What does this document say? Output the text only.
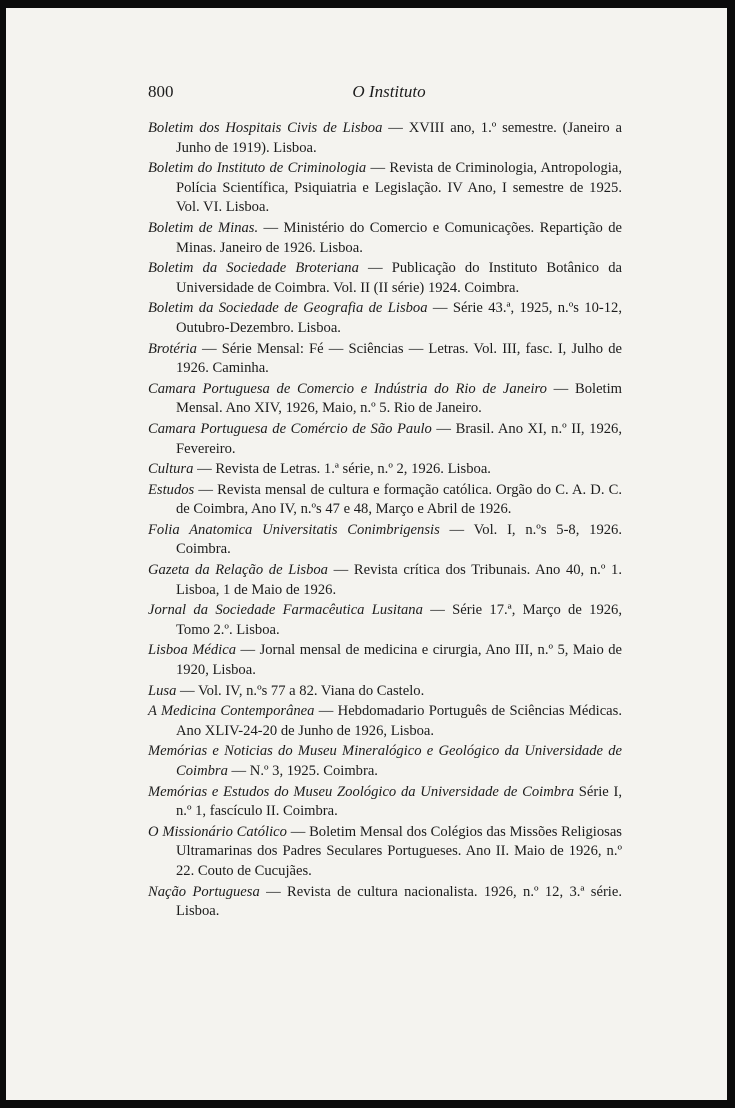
800	O Instituto

Boletim dos Hospitais Civis de Lisboa — XVIII ano, 1.º semestre. (Janeiro a Junho de 1919). Lisboa.

Boletim do Instituto de Criminologia — Revista de Criminologia, Antropologia, Polícia Scientífica, Psiquiatria e Legislação. IV Ano, I semestre de 1925. Vol. VI. Lisboa.

Boletim de Minas. — Ministério do Comercio e Comunicações. Repartição de Minas. Janeiro de 1926. Lisboa.

Boletim da Sociedade Broteriana — Publicação do Instituto Botânico da Universidade de Coimbra. Vol. II (II série) 1924. Coimbra.

Boletim da Sociedade de Geografia de Lisboa — Série 43.ª, 1925, n.ºs 10-12, Outubro-Dezembro. Lisboa.

Brotéria — Série Mensal: Fé — Sciências — Letras. Vol. III, fasc. I, Julho de 1926. Caminha.

Camara Portuguesa de Comercio e Indústria do Rio de Janeiro — Boletim Mensal. Ano XIV, 1926, Maio, n.º 5. Rio de Janeiro.

Camara Portuguesa de Comércio de São Paulo — Brasil. Ano XI, n.º II, 1926, Fevereiro.

Cultura — Revista de Letras. 1.ª série, n.º 2, 1926. Lisboa.

Estudos — Revista mensal de cultura e formação católica. Orgão do C. A. D. C. de Coimbra, Ano IV, n.ºs 47 e 48, Março e Abril de 1926.

Folia Anatomica Universitatis Conimbrigensis — Vol. I, n.ºs 5-8, 1926. Coimbra.

Gazeta da Relação de Lisboa — Revista crítica dos Tribunais. Ano 40, n.º 1. Lisboa, 1 de Maio de 1926.

Jornal da Sociedade Farmacêutica Lusitana — Série 17.ª, Março de 1926, Tomo 2.º. Lisboa.

Lisboa Médica — Jornal mensal de medicina e cirurgia, Ano III, n.º 5, Maio de 1920, Lisboa.

Lusa — Vol. IV, n.ºs 77 a 82. Viana do Castelo.

A Medicina Contemporânea — Hebdomadario Português de Sciências Médicas. Ano XLIV-24-20 de Junho de 1926, Lisboa.

Memórias e Noticias do Museu Mineralógico e Geológico da Universidade de Coimbra — N.º 3, 1925. Coimbra.

Memórias e Estudos do Museu Zoológico da Universidade de Coimbra Série I, n.º 1, fascículo II. Coimbra.

O Missionário Católico — Boletim Mensal dos Colégios das Missões Religiosas Ultramarinas dos Padres Seculares Portugueses. Ano II. Maio de 1926, n.º 22. Couto de Cucujães.

Nação Portuguesa — Revista de cultura nacionalista. 1926, n.º 12, 3.ª série. Lisboa.
